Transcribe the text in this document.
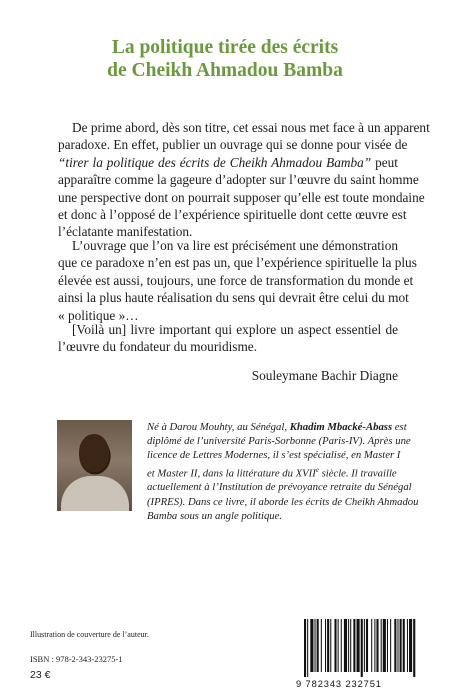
La politique tirée des écrits
de Cheikh Ahmadou Bamba
De prime abord, dès son titre, cet essai nous met face à un apparent
paradoxe. En effet, publier un ouvrage qui se donne pour visée de
“tirer la politique des écrits de Cheikh Ahmadou Bamba” peut
apparaître comme la gageure d’adopter sur l’œuvre du saint homme
une perspective dont on pourrait supposer qu’elle est toute mondaine
et donc à l’opposé de l’expérience spirituelle dont cette œuvre est
l’éclatante manifestation.
L’ouvrage que l’on va lire est précisément une démonstration
que ce paradoxe n’en est pas un, que l’expérience spirituelle la plus
élevée est aussi, toujours, une force de transformation du monde et
ainsi la plus haute réalisation du sens qui devrait être celui du mot
« politique »…
[Voilà un] livre important qui explore un aspect essentiel de
l’œuvre du fondateur du mouridisme.
Souleymane Bachir Diagne
Né à Darou Mouhty, au Sénégal, Khadim Mbacké-Abass est
diplômé de l’université Paris-Sorbonne (Paris-IV). Après une
licence de Lettres Modernes, il s’est spécialisé, en Master I
et Master II, dans la littérature du XVIIe siècle. Il travaille
actuellement à l’Institution de prévoyance retraite du Sénégal
(IPRES). Dans ce livre, il aborde les écrits de Cheikh Ahmadou
Bamba sous un angle politique.
Illustration de couverture de l’auteur.
ISBN : 978-2-343-23275-1
23 €
9 782343 232751
